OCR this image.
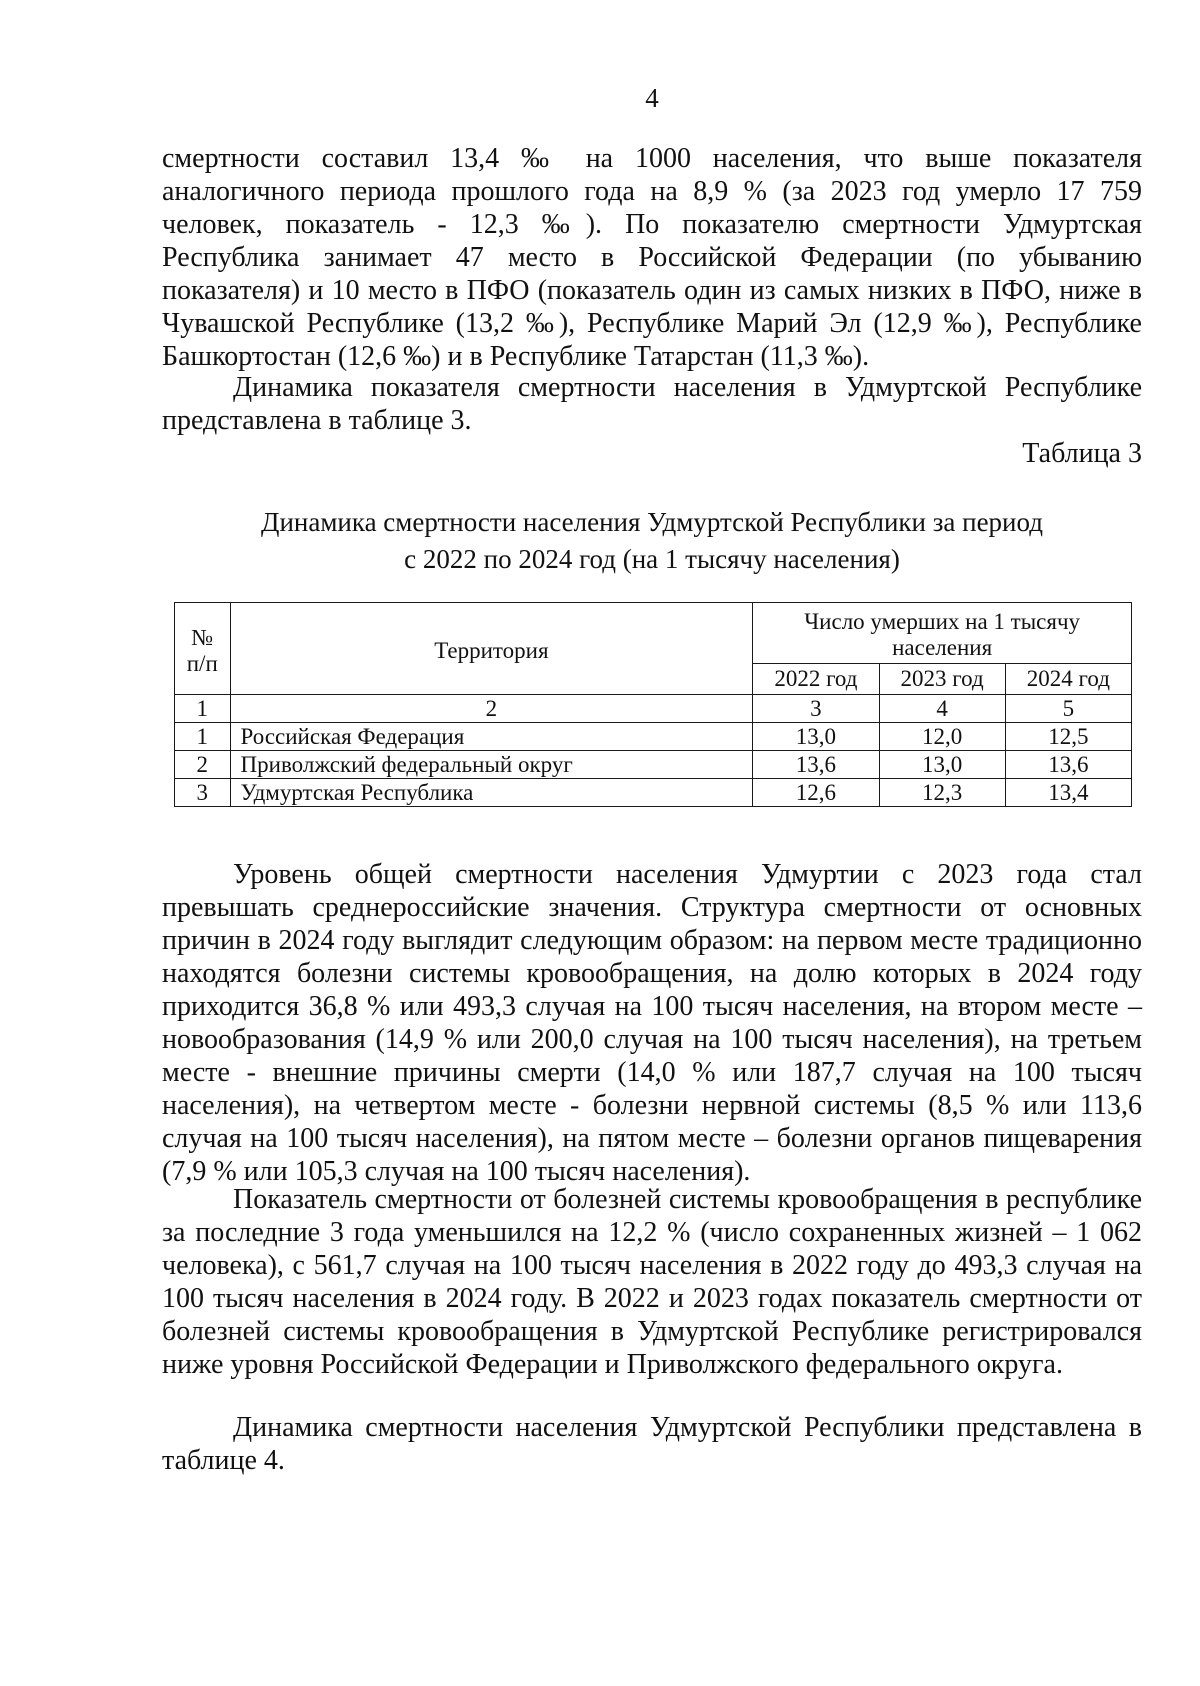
4

смертности составил 13,4 ‰ на 1000 населения, что выше показателя аналогичного периода прошлого года на 8,9 % (за 2023 год умерло 17 759 человек, показатель - 12,3 ‰). По показателю смертности Удмуртская Республика занимает 47 место в Российской Федерации (по убыванию показателя) и 10 место в ПФО (показатель один из самых низких в ПФО, ниже в Чувашской Республике (13,2 ‰), Республике Марий Эл (12,9 ‰), Республике Башкортостан (12,6 ‰) и в Республике Татарстан (11,3 ‰).

Динамика показателя смертности населения в Удмуртской Республике представлена в таблице 3.

Таблица 3
Динамика смертности населения Удмуртской Республики за период
с 2022 по 2024 год (на 1 тысячу населения)
№ п/п	Территория	Число умерших на 1 тысячу населения		
		2022 год	2023 год	2024 год
1	2	3	4	5
1	Российская Федерация	13,0	12,0	12,5
2	Приволжский федеральный округ	13,6	13,0	13,6
3	Удмуртская Республика	12,6	12,3	13,4

Уровень общей смертности населения Удмуртии с 2023 года стал превышать среднероссийские значения. Структура смертности от основных причин в 2024 году выглядит следующим образом: на первом месте традиционно находятся болезни системы кровообращения, на долю которых в 2024 году приходится 36,8 % или 493,3 случая на 100 тысяч населения, на втором месте – новообразования (14,9 % или 200,0 случая на 100 тысяч населения), на третьем месте - внешние причины смерти (14,0 % или 187,7 случая на 100 тысяч населения), на четвертом месте - болезни нервной системы (8,5 % или 113,6 случая на 100 тысяч населения), на пятом месте – болезни органов пищеварения (7,9 % или 105,3 случая на 100 тысяч населения).

Показатель смертности от болезней системы кровообращения в республике за последние 3 года уменьшился на 12,2 % (число сохраненных жизней – 1 062 человека), с 561,7 случая на 100 тысяч населения в 2022 году до 493,3 случая на 100 тысяч населения в 2024 году. В 2022 и 2023 годах показатель смертности от болезней системы кровообращения в Удмуртской Республике регистрировался ниже уровня Российской Федерации и Приволжского федерального округа.

Динамика смертности населения Удмуртской Республики представлена в таблице 4.
